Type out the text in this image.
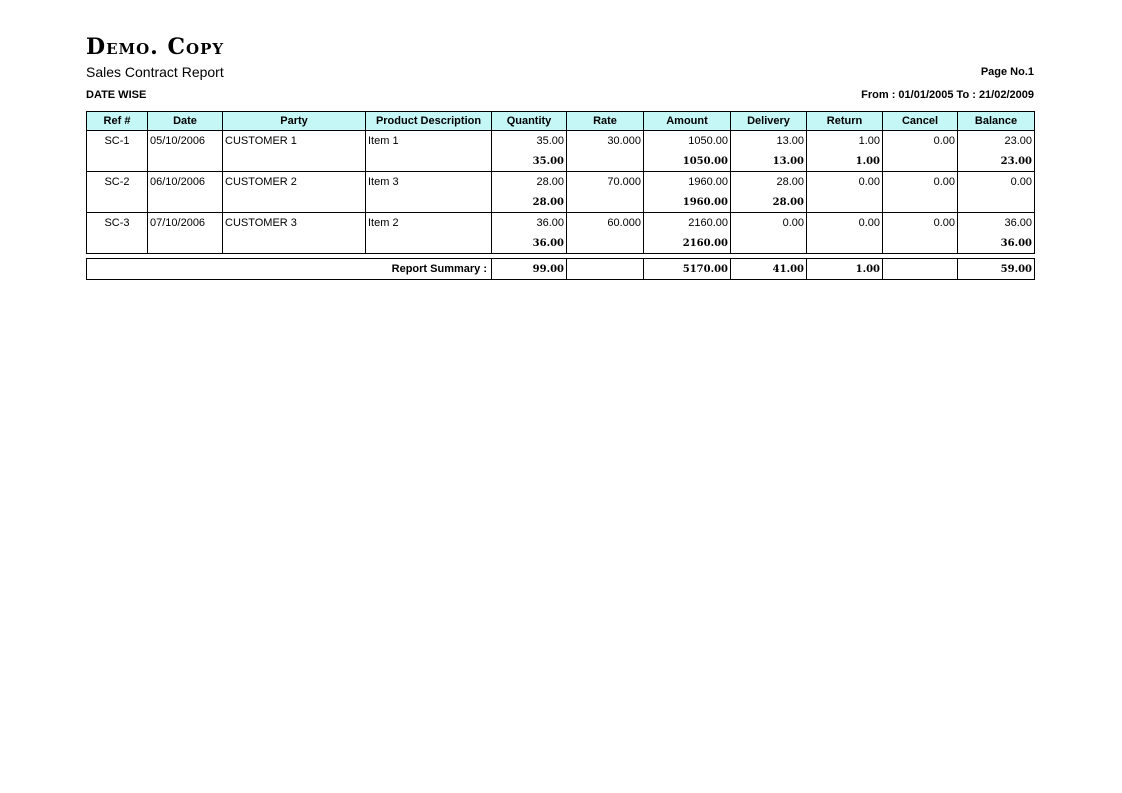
Demo. Copy
Sales Contract Report	Page No.1
DATE WISE	From : 01/01/2005 To : 21/02/2009
Ref #	Date	Party	Product Description	Quantity	Rate	Amount	Delivery	Return	Cancel	Balance
SC-1	05/10/2006	CUSTOMER 1	Item 1	35.00	30.000	1050.00	13.00	1.00	0.00	23.00
				35.00		1050.00	13.00	1.00		23.00
SC-2	06/10/2006	CUSTOMER 2	Item 3	28.00	70.000	1960.00	28.00	0.00	0.00	0.00
				28.00		1960.00	28.00			
SC-3	07/10/2006	CUSTOMER 3	Item 2	36.00	60.000	2160.00	0.00	0.00	0.00	36.00
				36.00		2160.00				36.00
Report Summary :	99.00		5170.00	41.00	1.00		59.00
